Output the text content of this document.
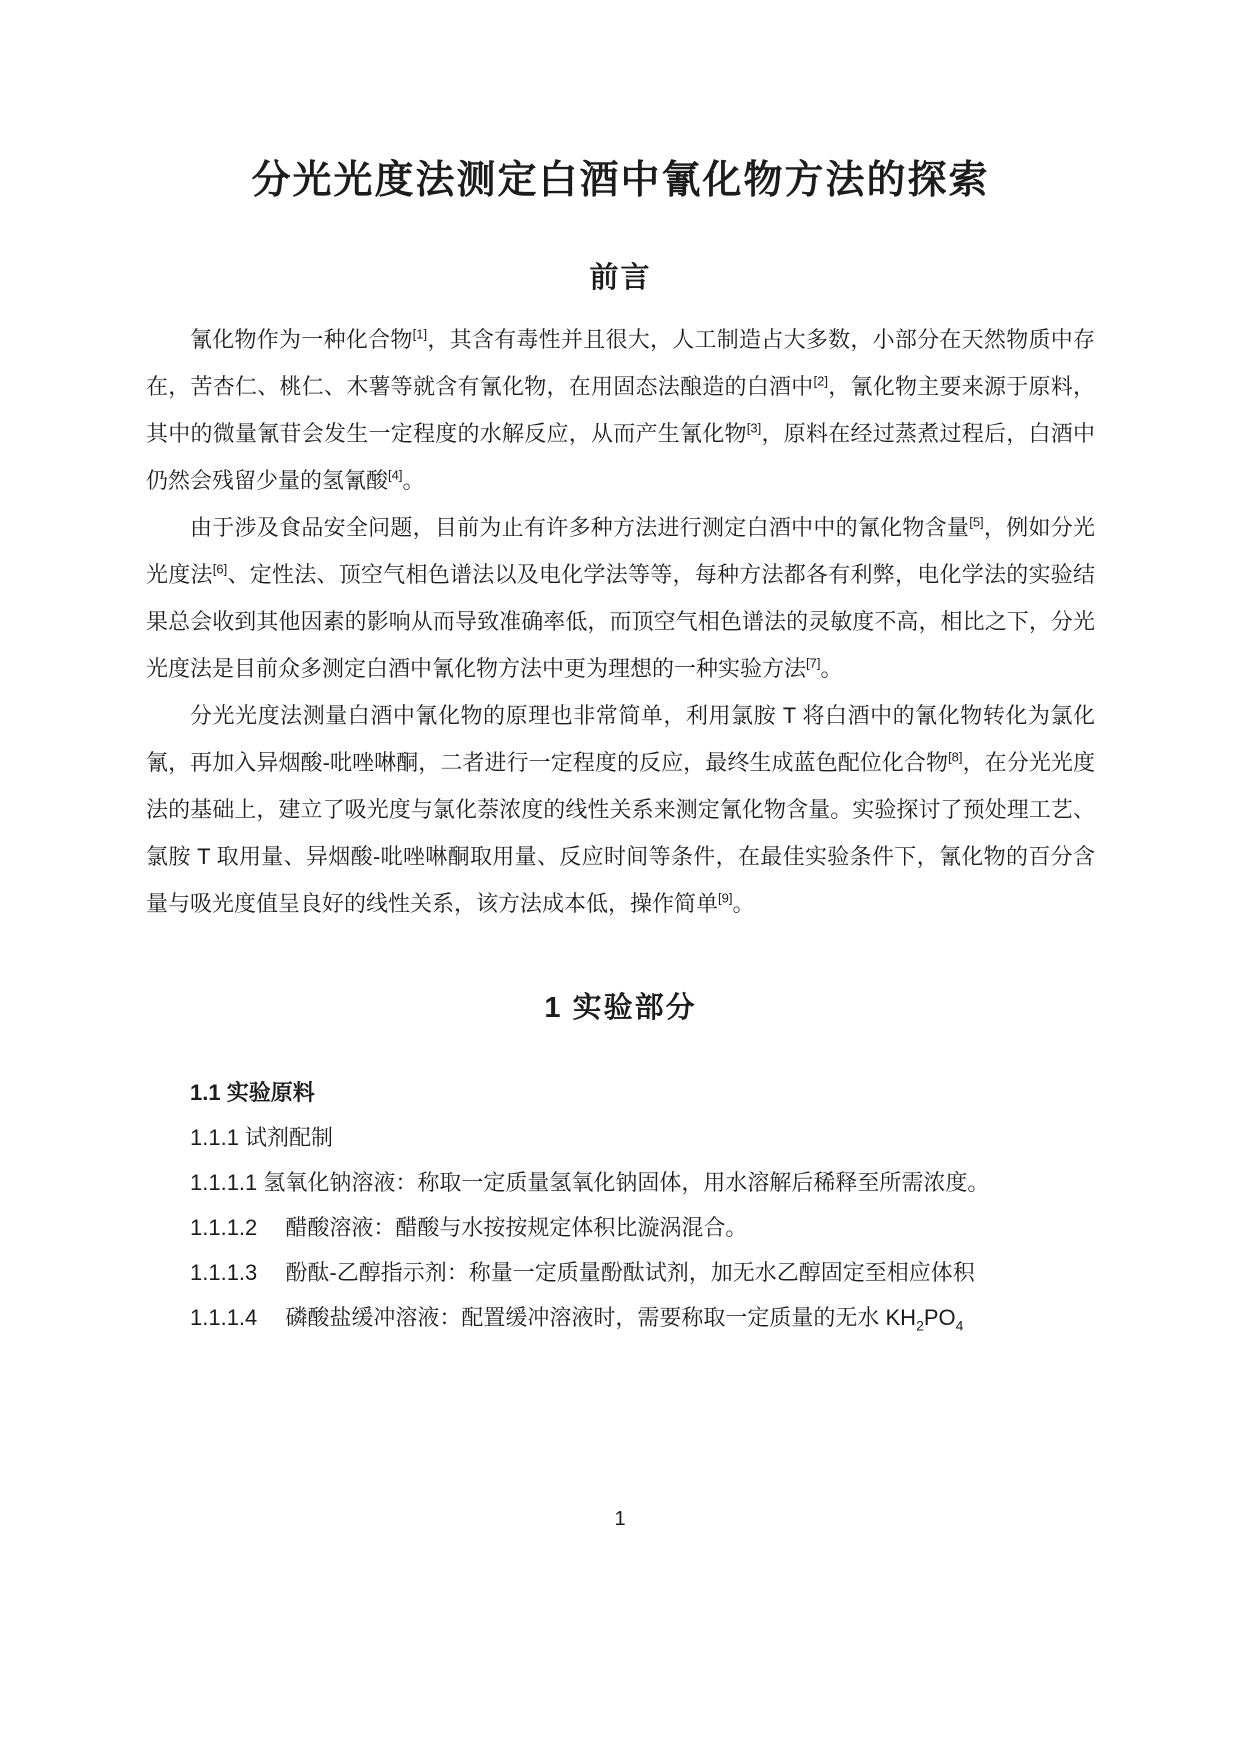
分光光度法测定白酒中氰化物方法的探索
前言

氰化物作为一种化合物[1]，其含有毒性并且很大，人工制造占大多数，小部分在天然物质中存在，苦杏仁、桃仁、木薯等就含有氰化物，在用固态法酿造的白酒中[2]，氰化物主要来源于原料，其中的微量氰苷会发生一定程度的水解反应，从而产生氰化物[3]，原料在经过蒸煮过程后，白酒中仍然会残留少量的氢氰酸[4]。

由于涉及食品安全问题，目前为止有许多种方法进行测定白酒中中的氰化物含量[5]，例如分光光度法[6]、定性法、顶空气相色谱法以及电化学法等等，每种方法都各有利弊，电化学法的实验结果总会收到其他因素的影响从而导致准确率低，而顶空气相色谱法的灵敏度不高，相比之下，分光光度法是目前众多测定白酒中氰化物方法中更为理想的一种实验方法[7]。

分光光度法测量白酒中氰化物的原理也非常简单，利用氯胺 T 将白酒中的氰化物转化为氯化氰，再加入异烟酸-吡唑啉酮，二者进行一定程度的反应，最终生成蓝色配位化合物[8]，在分光光度法的基础上，建立了吸光度与氯化萘浓度的线性关系来测定氰化物含量。实验探讨了预处理工艺、氯胺 T 取用量、异烟酸-吡唑啉酮取用量、反应时间等条件，在最佳实验条件下，氰化物的百分含量与吸光度值呈良好的线性关系，该方法成本低，操作简单[9]。

1 实验部分

1.1 实验原料

1.1.1 试剂配制

1.1.1.1 氢氧化钠溶液：称取一定质量氢氧化钠固体，用水溶解后稀释至所需浓度。

1.1.1.2　 醋酸溶液：醋酸与水按按规定体积比漩涡混合。

1.1.1.3　 酚酞-乙醇指示剂：称量一定质量酚酞试剂，加无水乙醇固定至相应体积

1.1.1.4　 磷酸盐缓冲溶液：配置缓冲溶液时，需要称取一定质量的无水 $KH_2PO_4$

1
